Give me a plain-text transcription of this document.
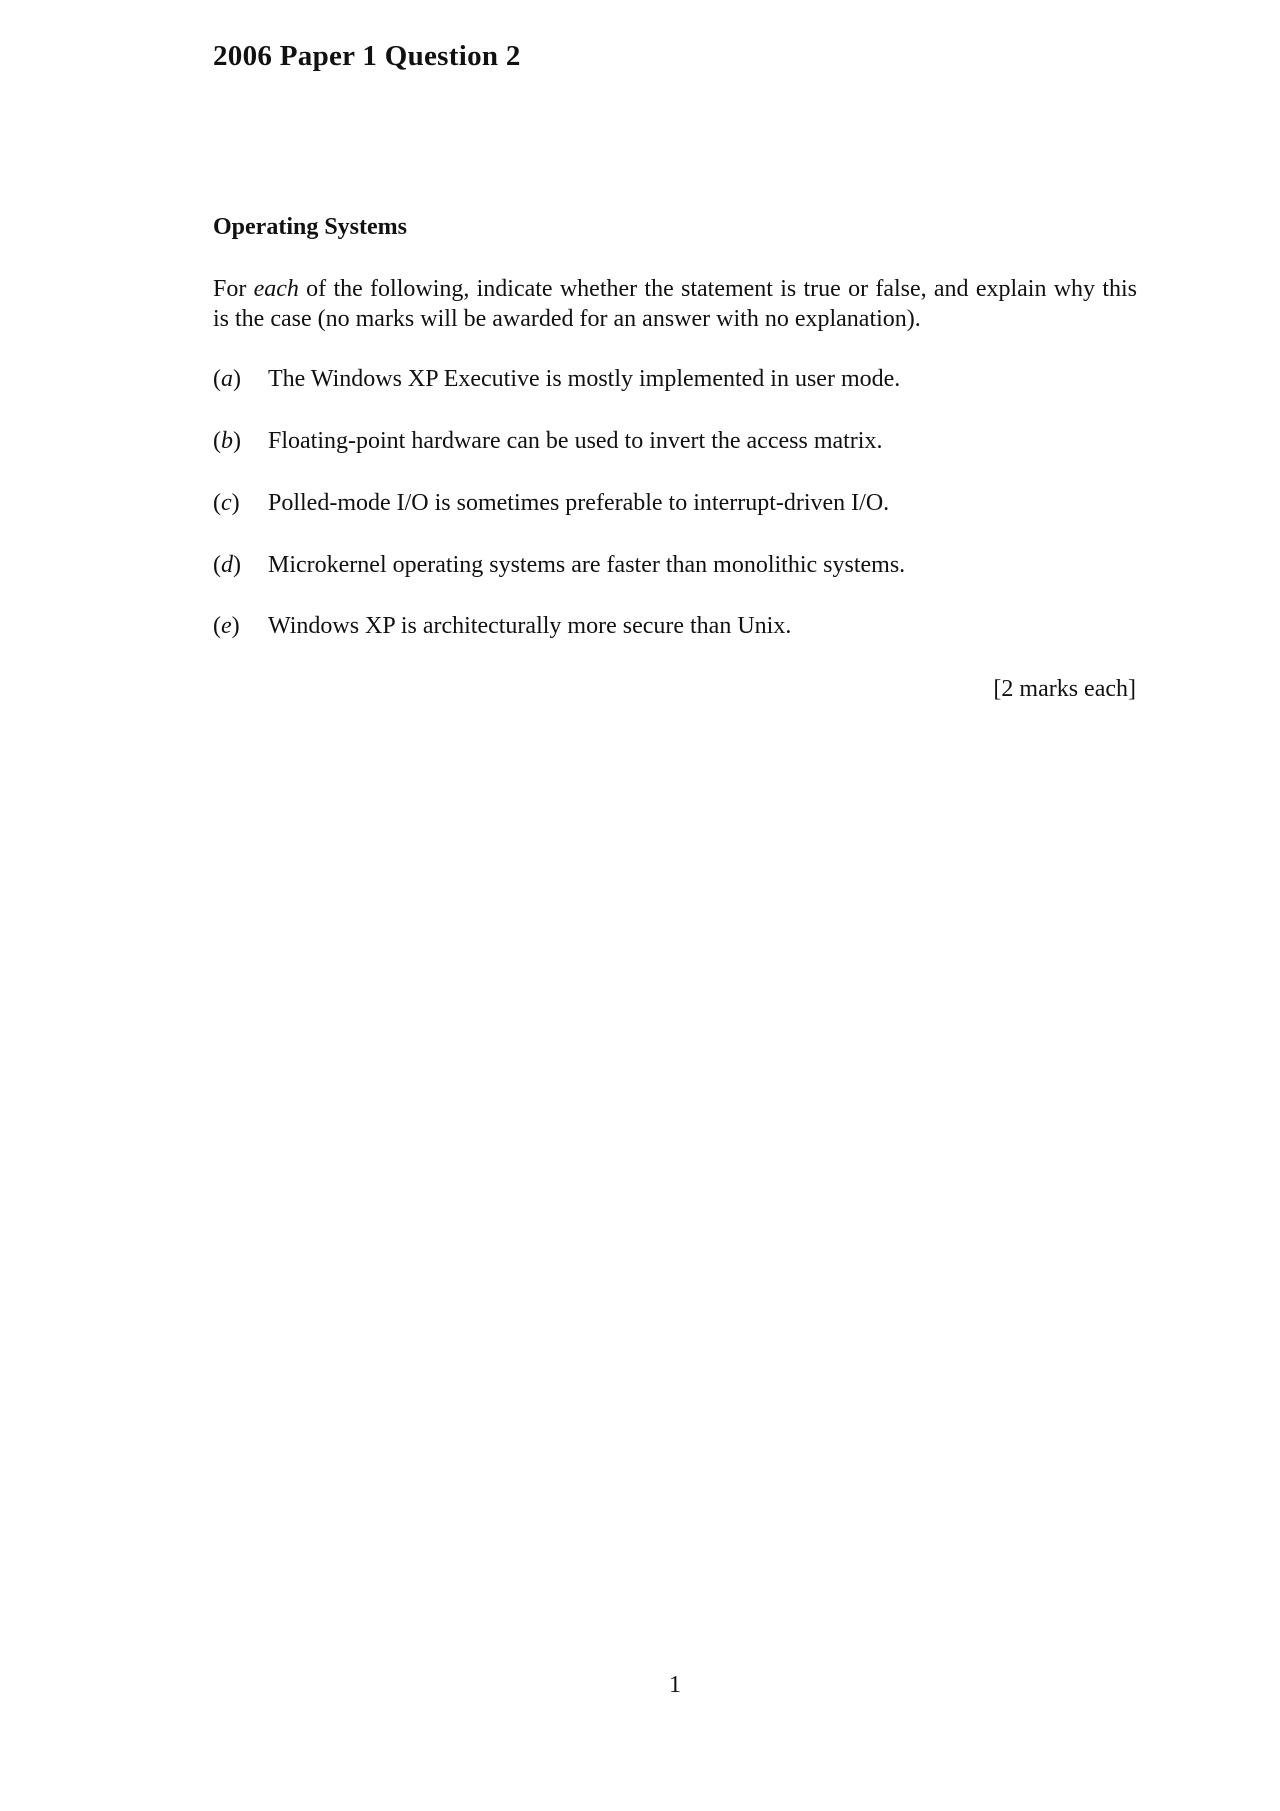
2006 Paper 1 Question 2
Operating Systems
For each of the following, indicate whether the statement is true or false, and explain why this is the case (no marks will be awarded for an answer with no explanation).
(a) The Windows XP Executive is mostly implemented in user mode.
(b) Floating-point hardware can be used to invert the access matrix.
(c) Polled-mode I/O is sometimes preferable to interrupt-driven I/O.
(d) Microkernel operating systems are faster than monolithic systems.
(e) Windows XP is architecturally more secure than Unix.
[2 marks each]
1
